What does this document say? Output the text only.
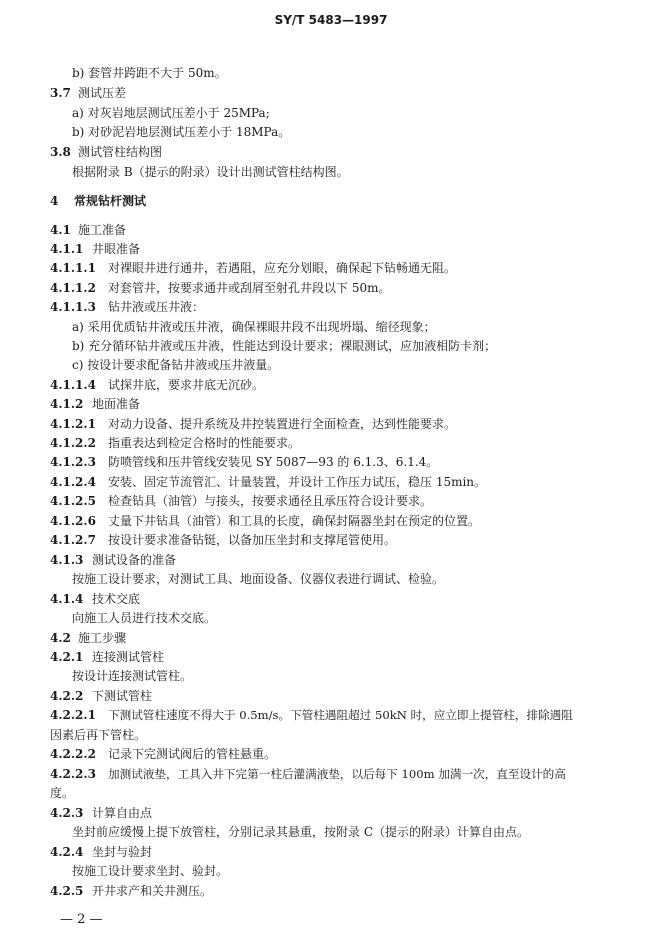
SY/T 5483—1997
b) 套管井跨距不大于 50m。
3.7 测试压差
a) 对灰岩地层测试压差小于 25MPa;
b) 对砂泥岩地层测试压差小于 18MPa。
3.8 测试管柱结构图
根据附录 B（提示的附录）设计出测试管柱结构图。
4 常规钻杆测试
4.1 施工准备
4.1.1 井眼准备
4.1.1.1 对裸眼井进行通井，若遇阻，应充分划眼，确保起下钻畅通无阻。
4.1.1.2 对套管井，按要求通井或刮屑至射孔井段以下 50m。
4.1.1.3 钻井液或压井液：
a) 采用优质钻井液或压井液，确保裸眼井段不出现坍塌、缩径现象；
b) 充分循环钻井液或压井液，性能达到设计要求；裸眼测试，应加液相防卡剂；
c) 按设计要求配备钻井液或压井液量。
4.1.1.4 试探井底，要求井底无沉砂。
4.1.2 地面准备
4.1.2.1 对动力设备、提升系统及井控装置进行全面检查，达到性能要求。
4.1.2.2 指重表达到检定合格时的性能要求。
4.1.2.3 防喷管线和压井管线安装见 SY 5087—93 的 6.1.3、6.1.4。
4.1.2.4 安装、固定节流管汇、计量装置，并设计工作压力试压，稳压 15min。
4.1.2.5 检查钻具（油管）与接头，按要求通径且承压符合设计要求。
4.1.2.6 丈量下井钻具（油管）和工具的长度，确保封隔器坐封在预定的位置。
4.1.2.7 按设计要求准备钻铤，以备加压坐封和支撑尾管使用。
4.1.3 测试设备的准备
按施工设计要求，对测试工具、地面设备、仪器仪表进行调试、检验。
4.1.4 技术交底
向施工人员进行技术交底。
4.2 施工步骤
4.2.1 连接测试管柱
按设计连接测试管柱。
4.2.2 下测试管柱
4.2.2.1 下测试管柱速度不得大于 0.5m/s。下管柱遇阻超过 50kN 时，应立即上提管柱，排除遇阻
因素后再下管柱。
4.2.2.2 记录下完测试阀后的管柱悬重。
4.2.2.3 加测试液垫，工具入井下完第一柱后灌满液垫，以后每下 100m 加满一次，直至设计的高
度。
4.2.3 计算自由点
坐封前应缓慢上提下放管柱，分别记录其悬重，按附录 C（提示的附录）计算自由点。
4.2.4 坐封与验封
按施工设计要求坐封、验封。
4.2.5 开井求产和关井测压。
— 2 —
